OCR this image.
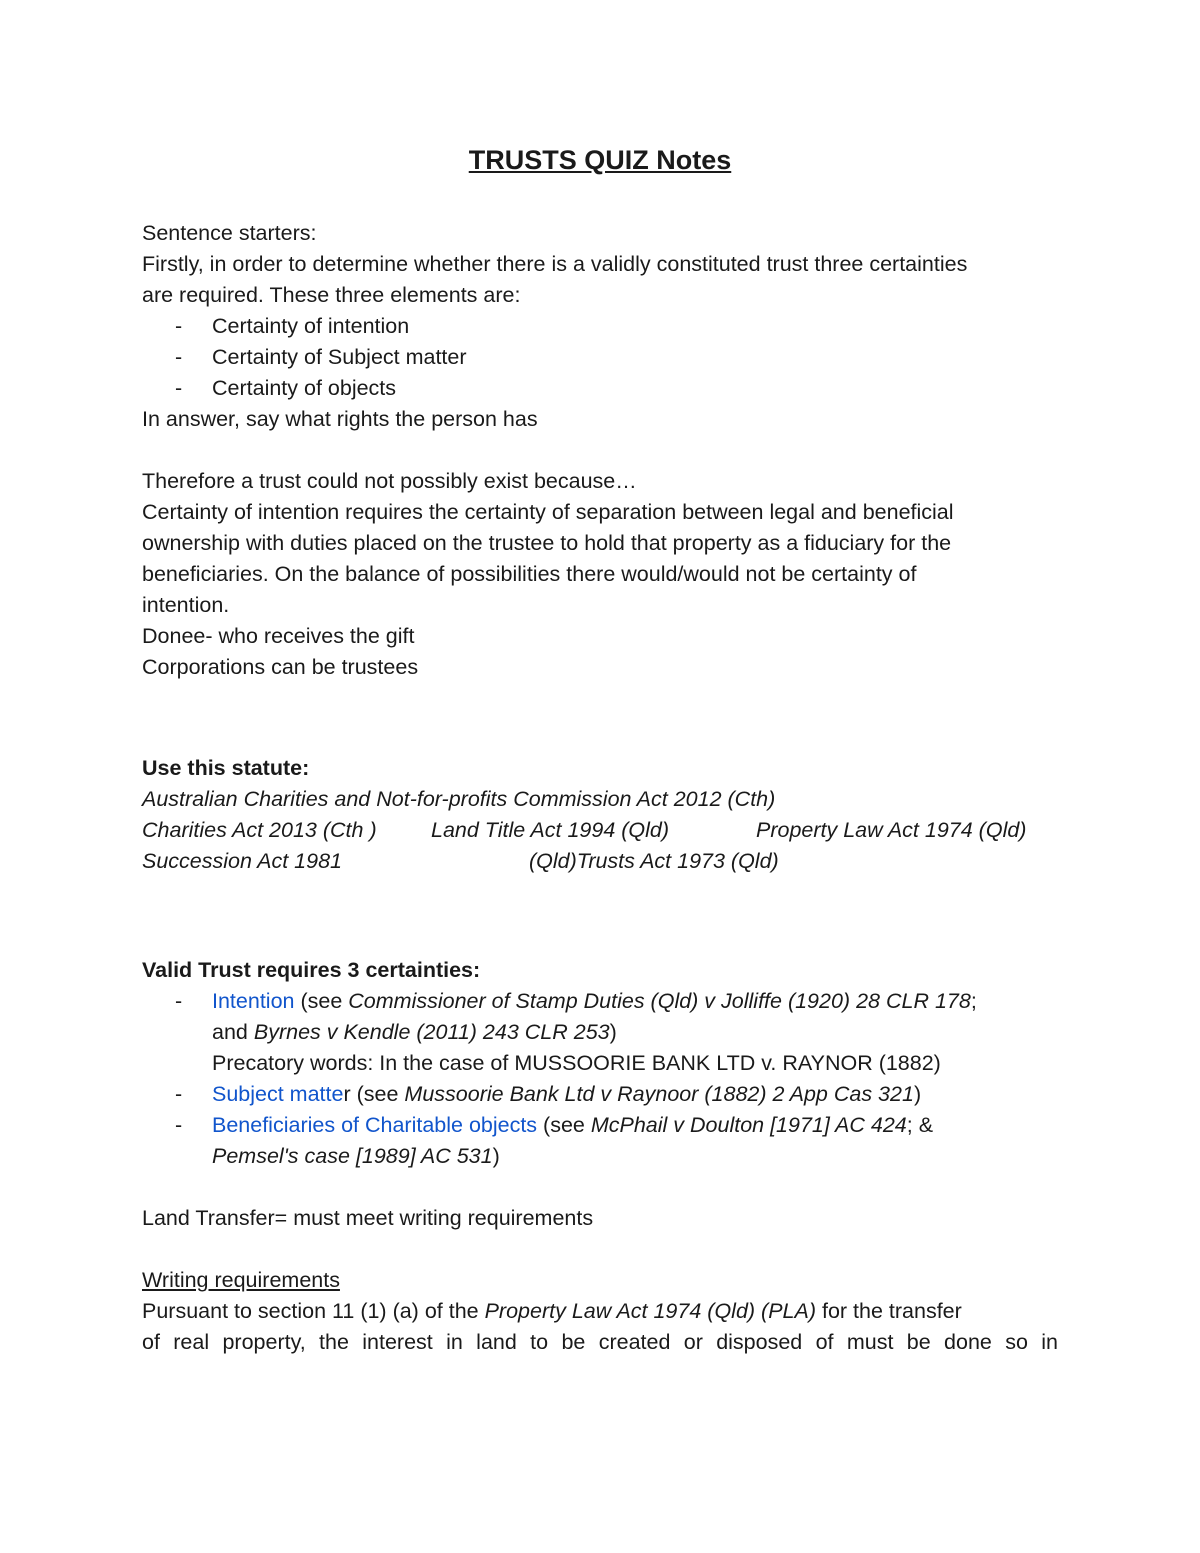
TRUSTS QUIZ Notes
Sentence starters:
Firstly, in order to determine whether there is a validly constituted trust three certainties
are required. These three elements are:
- Certainty of intention
- Certainty of Subject matter
- Certainty of objects
In answer, say what rights the person has
Therefore a trust could not possibly exist because…
Certainty of intention requires the certainty of separation between legal and beneficial
ownership with duties placed on the trustee to hold that property as a fiduciary for the
beneficiaries. On the balance of possibilities there would/would not be certainty of
intention.
Donee- who receives the gift
Corporations can be trustees
Use this statute:
Australian Charities and Not-for-profits Commission Act 2012 (Cth)
Charities Act 2013 (Cth )	Land Title Act 1994 (Qld)	Property Law Act 1974 (Qld)
Succession Act 1981	(Qld)Trusts Act 1973 (Qld)
Valid Trust requires 3 certainties:
- Intention (see Commissioner of Stamp Duties (Qld) v Jolliffe (1920) 28 CLR 178;
and Byrnes v Kendle (2011) 243 CLR 253)
Precatory words: In the case of MUSSOORIE BANK LTD v. RAYNOR (1882)
- Subject matter (see Mussoorie Bank Ltd v Raynoor (1882) 2 App Cas 321)
- Beneficiaries of Charitable objects (see McPhail v Doulton [1971] AC 424; &
Pemsel's case [1989] AC 531)
Land Transfer= must meet writing requirements
Writing requirements
Pursuant to section 11 (1) (a) of the Property Law Act 1974 (Qld) (PLA) for the transfer
of real property, the interest in land to be created or disposed of must be done so in
